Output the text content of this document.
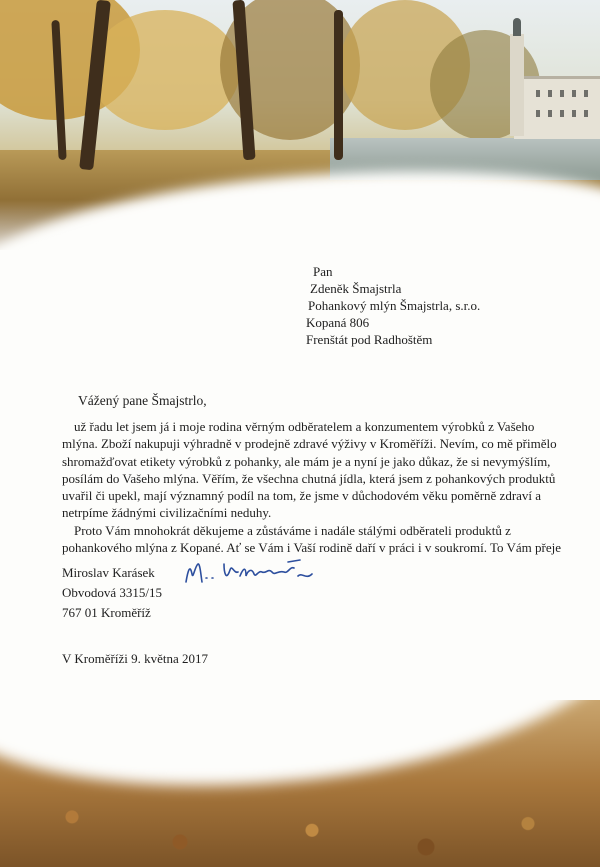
Pan
Zdeněk Šmajstrla
Pohankový mlýn Šmajstrla, s.r.o.
Kopaná 806
Frenštát pod Radhoštěm
Vážený pane Šmajstrlo,

už řadu let jsem já i moje rodina věrným odběratelem a konzumentem výrobků z Vašeho mlýna. Zboží nakupuji výhradně v prodejně zdravé výživy v Kroměříži. Nevím, co mě přimělo shromažďovat etikety výrobků z pohanky, ale mám je a nyní je jako důkaz, že si nevymýšlím, posílám do Vašeho mlýna. Věřím, že všechna chutná jídla, která jsem z pohankových produktů uvařil či upekl, mají významný podíl na tom, že jsme v důchodovém věku poměrně zdraví a netrpíme žádnými civilizačními neduhy.

Proto Vám mnohokrát děkujeme a zůstáváme i nadále stálými odběrateli produktů z pohankového mlýna z Kopané. Ať se Vám i Vaší rodině daří v práci i v soukromí. To Vám přeje

Miroslav Karásek
Obvodová 3315/15
767 01 Kroměříž
V Kroměříži 9. května 2017
